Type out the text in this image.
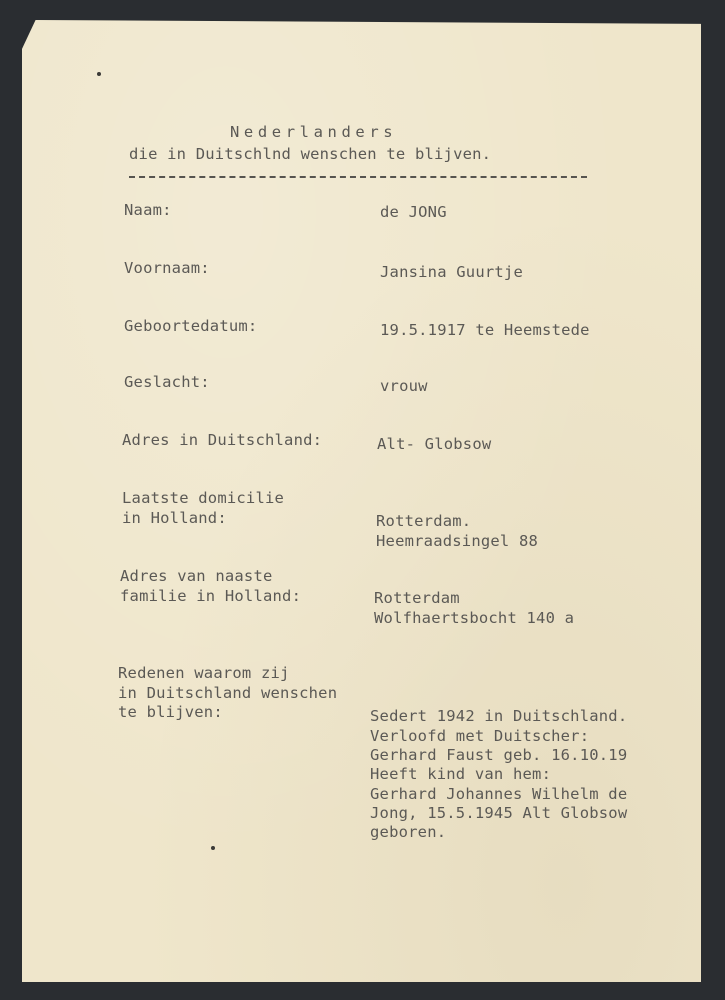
Nederlanders
die in Duitschlnd wenschen te blijven.
Naam:	de JONG
Voornaam:	Jansina Guurtje
Geboortedatum:	19.5.1917 te Heemstede
Geslacht:	vrouw
Adres in Duitschland:	Alt- Globsow
Laatste domicilie
in Holland:	Rotterdam.
Heemraadsingel 88
Adres van naaste
familie in Holland:	Rotterdam
Wolfhaertsbocht 140 a
Redenen waarom zij
in Duitschland wenschen
te blijven:	Sedert 1942 in Duitschland.
Verloofd met Duitscher:
Gerhard Faust geb. 16.10.19
Heeft kind van hem:
Gerhard Johannes Wilhelm de
Jong, 15.5.1945 Alt Globsow
geboren.
